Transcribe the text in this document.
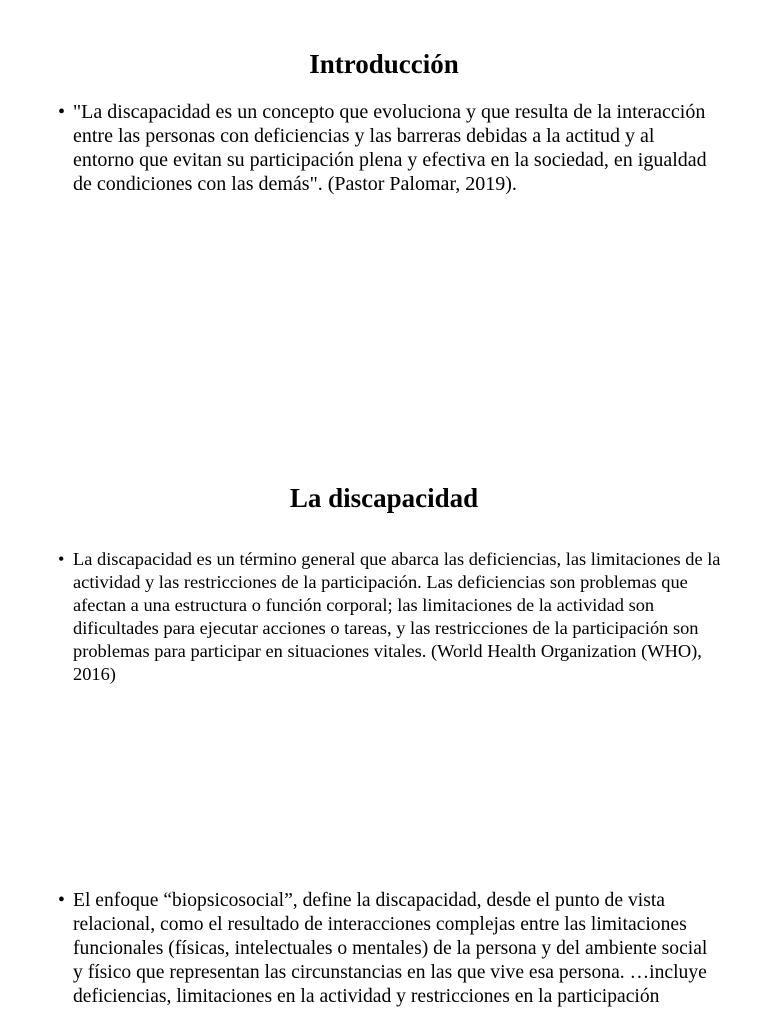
Introducción

• "La discapacidad es un concepto que evoluciona y que resulta de la interacción entre las personas con deficiencias y las barreras debidas a la actitud y al entorno que evitan su participación plena y efectiva en la sociedad, en igualdad de condiciones con las demás". (Pastor Palomar, 2019).

La discapacidad

• La discapacidad es un término general que abarca las deficiencias, las limitaciones de la actividad y las restricciones de la participación. Las deficiencias son problemas que afectan a una estructura o función corporal; las limitaciones de la actividad son dificultades para ejecutar acciones o tareas, y las restricciones de la participación son problemas para participar en situaciones vitales. (World Health Organization (WHO), 2016)

• El enfoque “biopsicosocial”, define la discapacidad, desde el punto de vista relacional, como el resultado de interacciones complejas entre las limitaciones funcionales (físicas, intelectuales o mentales) de la persona y del ambiente social y físico que representan las circunstancias en las que vive esa persona. …incluye deficiencias, limitaciones en la actividad y restricciones en la participación
